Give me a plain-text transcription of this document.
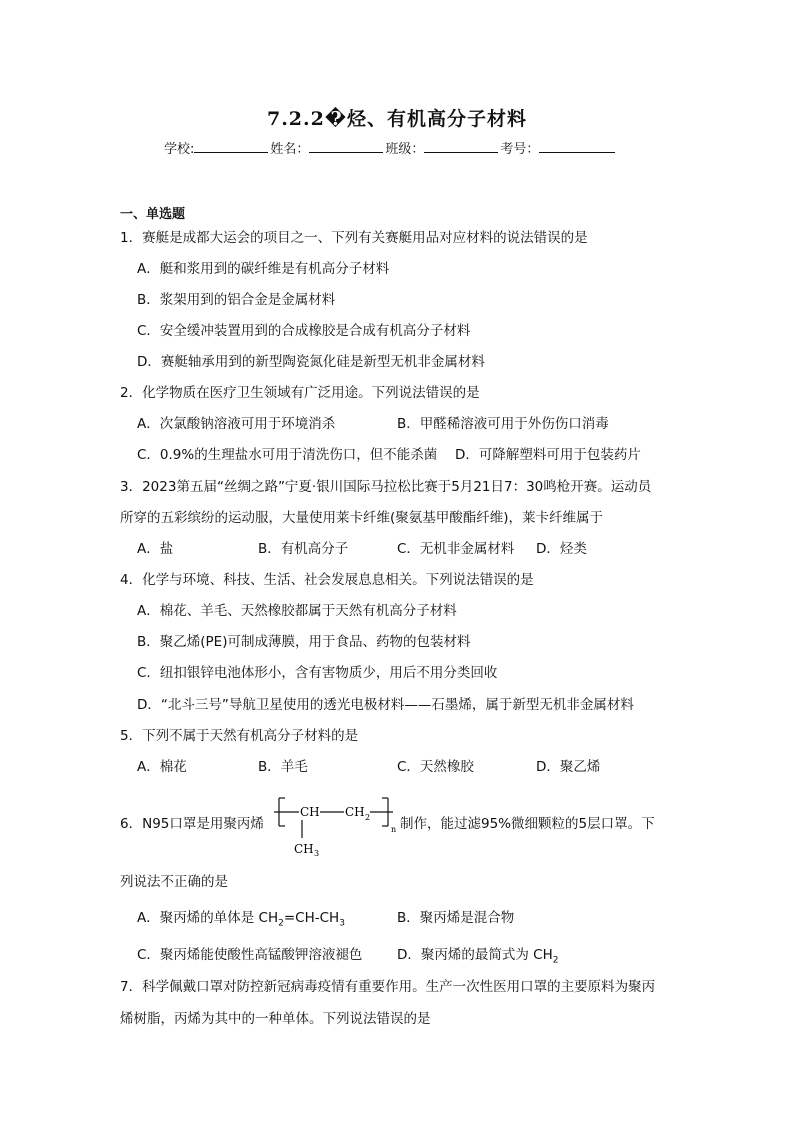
7.2.2�烃、有机高分子材料
学校:	姓名：	班级：	考号：
一、单选题
1．赛艇是成都大运会的项目之一、下列有关赛艇用品对应材料的说法错误的是
A．艇和浆用到的碳纤维是有机高分子材料
B．浆架用到的铝合金是金属材料
C．安全缓冲装置用到的合成橡胶是合成有机高分子材料
D．赛艇轴承用到的新型陶瓷氮化硅是新型无机非金属材料
2．化学物质在医疗卫生领域有广泛用途。下列说法错误的是
A．次氯酸钠溶液可用于环境消杀	B．甲醛稀溶液可用于外伤伤口消毒
C．0.9%的生理盐水可用于清洗伤口，但不能杀菌 D．可降解塑料可用于包装药片
3．2023第五届“丝绸之路”宁夏·银川国际马拉松比赛于5月21日7：30鸣枪开赛。运动员
所穿的五彩缤纷的运动服，大量使用莱卡纤维(聚氨基甲酸酯纤维)，莱卡纤维属于
A．盐	B．有机高分子	C．无机非金属材料 D．烃类
4．化学与环境、科技、生活、社会发展息息相关。下列说法错误的是
A．棉花、羊毛、天然橡胶都属于天然有机高分子材料
B．聚乙烯(PE)可制成薄膜，用于食品、药物的包装材料
C．纽扣银锌电池体形小，含有害物质少，用后不用分类回收
D．“北斗三号”导航卫星使用的透光电极材料——石墨烯，属于新型无机非金属材料
5．下列不属于天然有机高分子材料的是
A．棉花	B．羊毛	C．天然橡胶	D．聚乙烯
6．N95口罩是用聚丙烯
CH CH 2
n
CH 3
制作，能过滤95%微细颗粒的5层口罩。下
列说法不正确的是
A．聚丙烯的单体是 $CH_2=CH-CH_3$	B．聚丙烯是混合物
C．聚丙烯能使酸性高锰酸钾溶液褪色	D．聚丙烯的最简式为 $CH_2$
7．科学佩戴口罩对防控新冠病毒疫情有重要作用。生产一次性医用口罩的主要原料为聚丙
烯树脂，丙烯为其中的一种单体。下列说法错误的是
